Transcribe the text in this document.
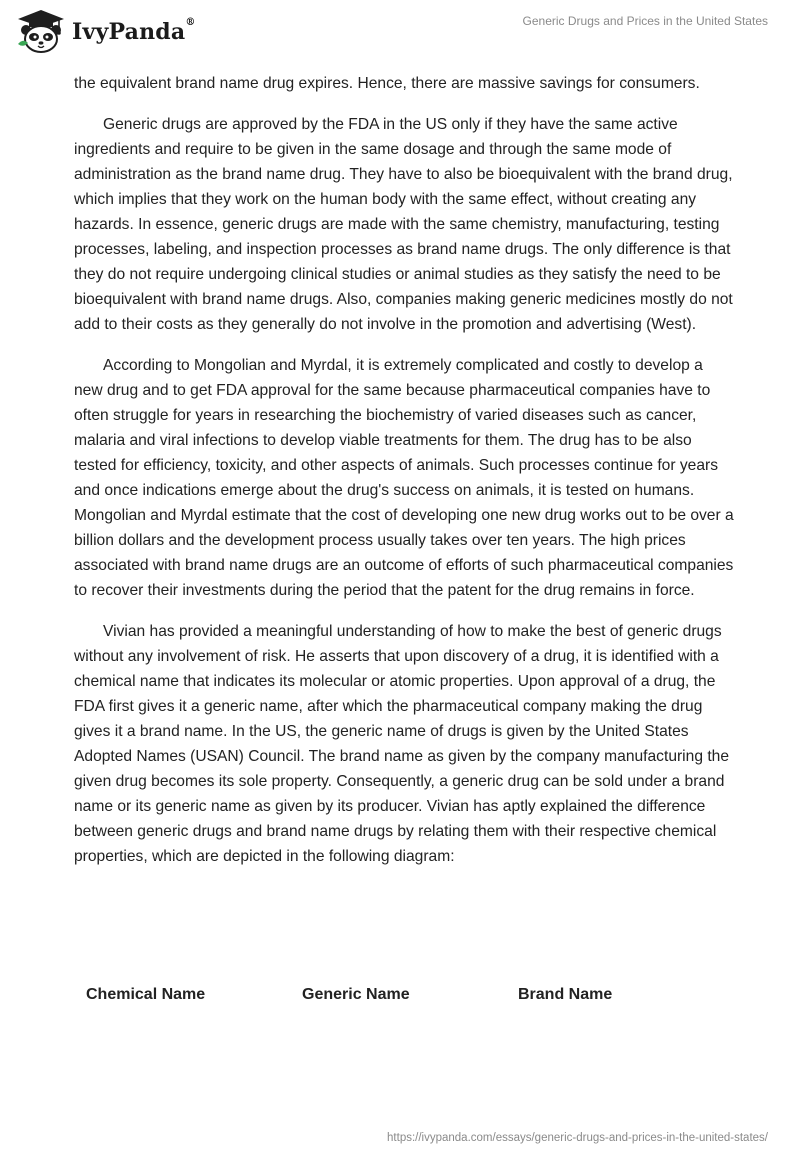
IvyPanda®	Generic Drugs and Prices in the United States

the equivalent brand name drug expires. Hence, there are massive savings for consumers.

Generic drugs are approved by the FDA in the US only if they have the same active ingredients and require to be given in the same dosage and through the same mode of administration as the brand name drug. They have to also be bioequivalent with the brand drug, which implies that they work on the human body with the same effect, without creating any hazards. In essence, generic drugs are made with the same chemistry, manufacturing, testing processes, labeling, and inspection processes as brand name drugs. The only difference is that they do not require undergoing clinical studies or animal studies as they satisfy the need to be bioequivalent with brand name drugs. Also, companies making generic medicines mostly do not add to their costs as they generally do not involve in the promotion and advertising (West).

According to Mongolian and Myrdal, it is extremely complicated and costly to develop a new drug and to get FDA approval for the same because pharmaceutical companies have to often struggle for years in researching the biochemistry of varied diseases such as cancer, malaria and viral infections to develop viable treatments for them. The drug has to be also tested for efficiency, toxicity, and other aspects of animals. Such processes continue for years and once indications emerge about the drug's success on animals, it is tested on humans. Mongolian and Myrdal estimate that the cost of developing one new drug works out to be over a billion dollars and the development process usually takes over ten years. The high prices associated with brand name drugs are an outcome of efforts of such pharmaceutical companies to recover their investments during the period that the patent for the drug remains in force.

Vivian has provided a meaningful understanding of how to make the best of generic drugs without any involvement of risk. He asserts that upon discovery of a drug, it is identified with a chemical name that indicates its molecular or atomic properties. Upon approval of a drug, the FDA first gives it a generic name, after which the pharmaceutical company making the drug gives it a brand name. In the US, the generic name of drugs is given by the United States Adopted Names (USAN) Council. The brand name as given by the company manufacturing the given drug becomes its sole property. Consequently, a generic drug can be sold under a brand name or its generic name as given by its producer. Vivian has aptly explained the difference between generic drugs and brand name drugs by relating them with their respective chemical properties, which are depicted in the following diagram:

Chemical Name	Generic Name	Brand Name
https://ivypanda.com/essays/generic-drugs-and-prices-in-the-united-states/
